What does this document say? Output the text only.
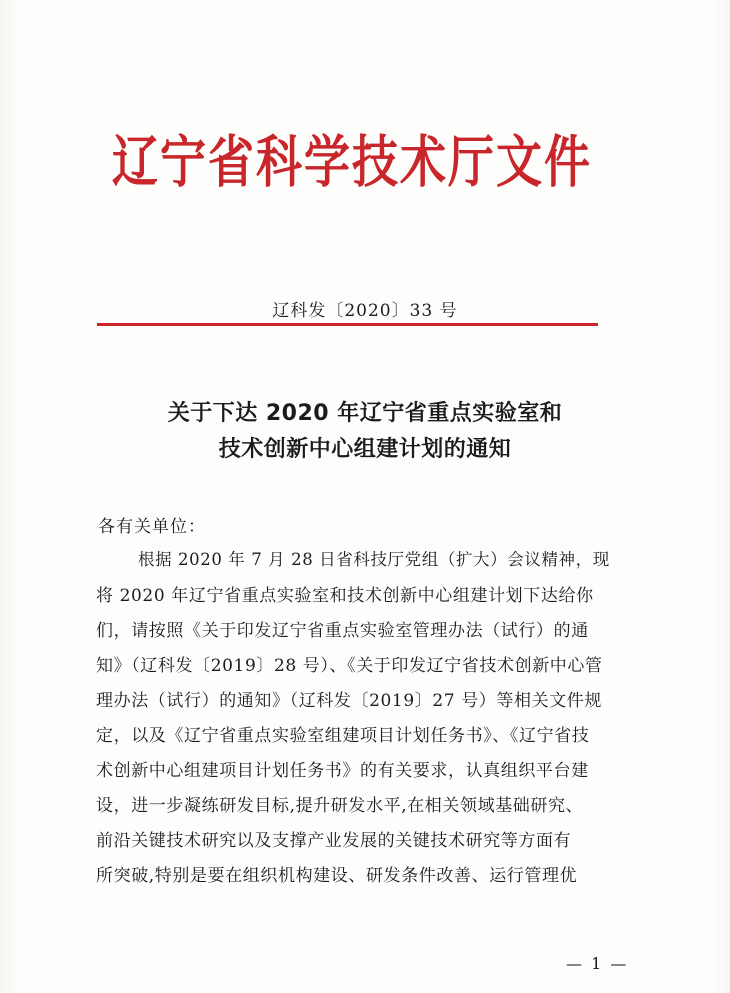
辽宁省科学技术厅文件
辽科发〔2020〕33 号
关于下达 2020 年辽宁省重点实验室和
技术创新中心组建计划的通知
各有关单位：
根据 2020 年 7 月 28 日省科技厅党组（扩大）会议精神，现
将 2020 年辽宁省重点实验室和技术创新中心组建计划下达给你
们，请按照《关于印发辽宁省重点实验室管理办法（试行）的通
知》（辽科发〔2019〕28 号）、《关于印发辽宁省技术创新中心管
理办法（试行）的通知》（辽科发〔2019〕27 号）等相关文件规
定，以及《辽宁省重点实验室组建项目计划任务书》、《辽宁省技
术创新中心组建项目计划任务书》的有关要求，认真组织平台建
设，进一步凝练研发目标,提升研发水平,在相关领域基础研究、
前沿关键技术研究以及支撑产业发展的关键技术研究等方面有
所突破,特别是要在组织机构建设、研发条件改善、运行管理优
— 1 —
